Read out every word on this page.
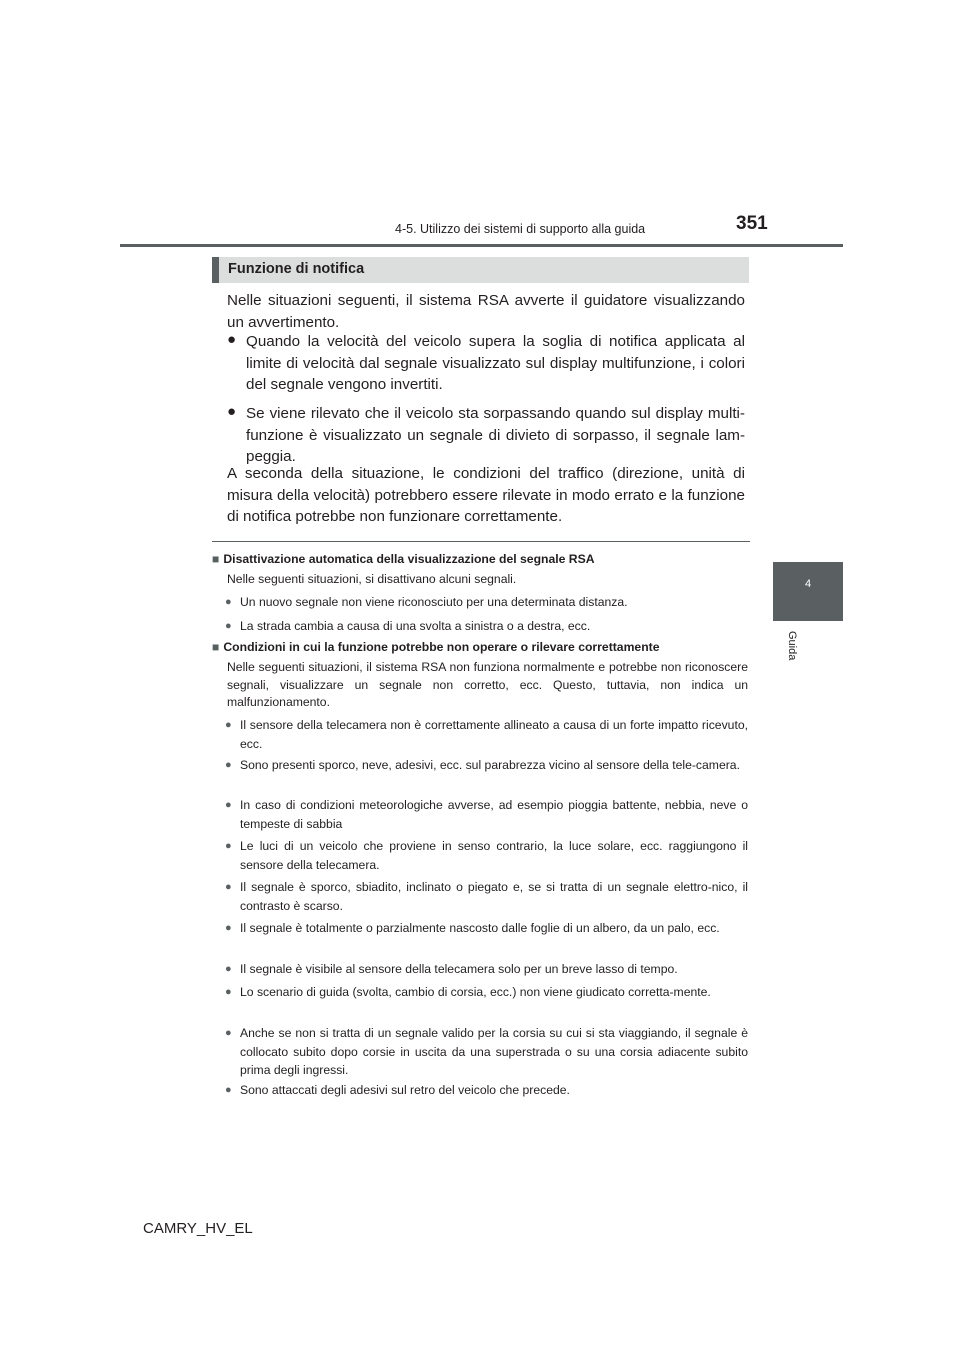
4-5. Utilizzo dei sistemi di supporto alla guida	351
4
Guida
Funzione di notifica
Nelle situazioni seguenti, il sistema RSA avverte il guidatore visualizzando un avvertimento.
● Quando la velocità del veicolo supera la soglia di notifica applicata al limite di velocità dal segnale visualizzato sul display multifunzione, i colori del segnale vengono invertiti.
● Se viene rilevato che il veicolo sta sorpassando quando sul display multi-funzione è visualizzato un segnale di divieto di sorpasso, il segnale lam-peggia.
A seconda della situazione, le condizioni del traffico (direzione, unità di misura della velocità) potrebbero essere rilevate in modo errato e la funzione di notifica potrebbe non funzionare correttamente.
■ Disattivazione automatica della visualizzazione del segnale RSA
Nelle seguenti situazioni, si disattivano alcuni segnali.
● Un nuovo segnale non viene riconosciuto per una determinata distanza.
● La strada cambia a causa di una svolta a sinistra o a destra, ecc.
■ Condizioni in cui la funzione potrebbe non operare o rilevare correttamente
Nelle seguenti situazioni, il sistema RSA non funziona normalmente e potrebbe non riconoscere segnali, visualizzare un segnale non corretto, ecc. Questo, tuttavia, non indica un malfunzionamento.
● Il sensore della telecamera non è correttamente allineato a causa di un forte impatto ricevuto, ecc.
● Sono presenti sporco, neve, adesivi, ecc. sul parabrezza vicino al sensore della tele-camera.
● In caso di condizioni meteorologiche avverse, ad esempio pioggia battente, nebbia, neve o tempeste di sabbia
● Le luci di un veicolo che proviene in senso contrario, la luce solare, ecc. raggiungono il sensore della telecamera.
● Il segnale è sporco, sbiadito, inclinato o piegato e, se si tratta di un segnale elettro-nico, il contrasto è scarso.
● Il segnale è totalmente o parzialmente nascosto dalle foglie di un albero, da un palo, ecc.
● Il segnale è visibile al sensore della telecamera solo per un breve lasso di tempo.
● Lo scenario di guida (svolta, cambio di corsia, ecc.) non viene giudicato corretta-mente.
● Anche se non si tratta di un segnale valido per la corsia su cui si sta viaggiando, il segnale è collocato subito dopo corsie in uscita da una superstrada o su una corsia adiacente subito prima degli ingressi.
● Sono attaccati degli adesivi sul retro del veicolo che precede.
CAMRY_HV_EL
